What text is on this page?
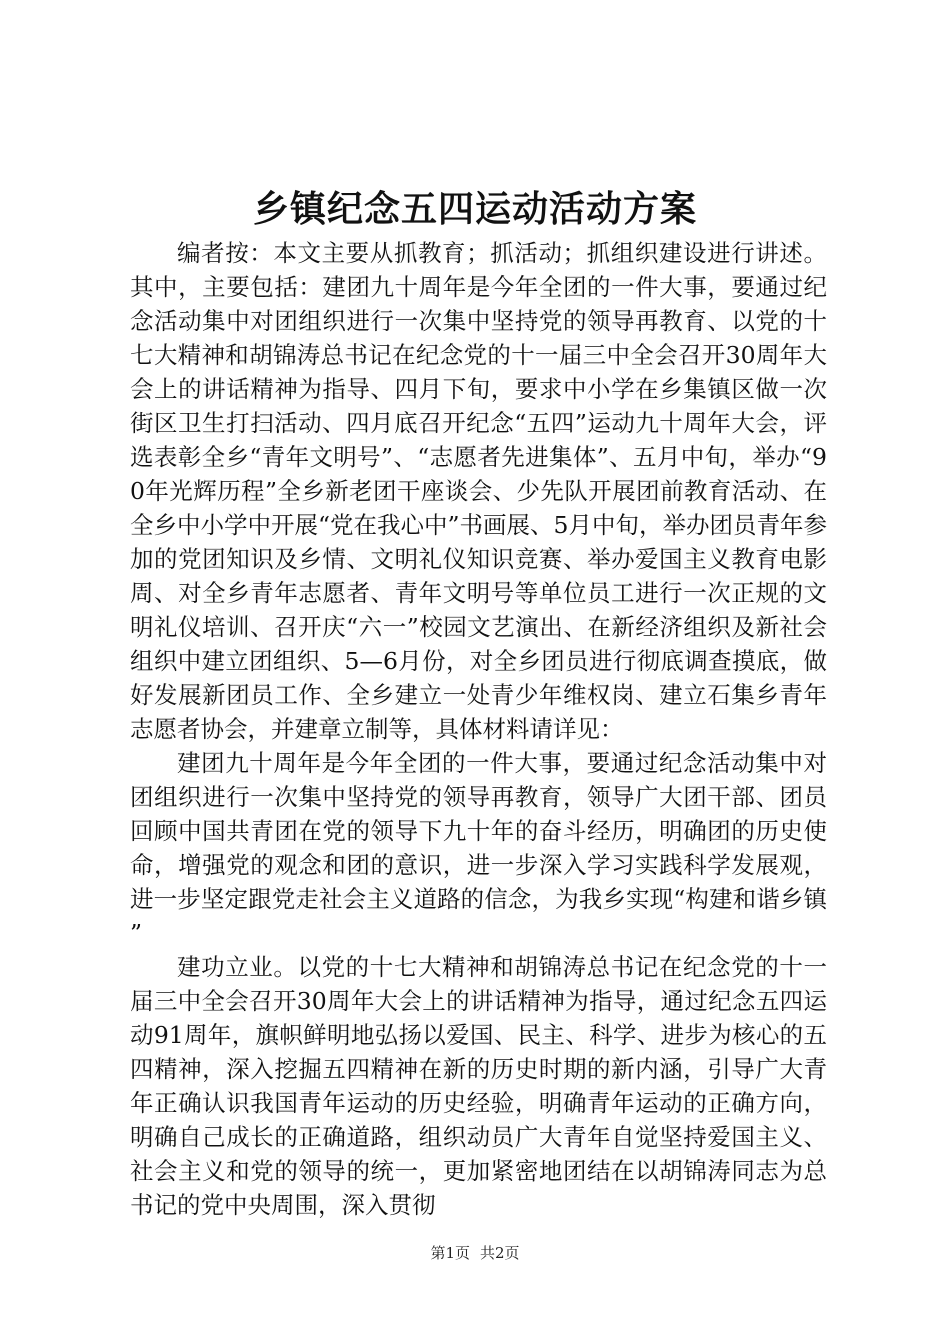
乡镇纪念五四运动活动方案

编者按：本文主要从抓教育；抓活动；抓组织建设进行讲述。其中，主要包括：建团九十周年是今年全团的一件大事，要通过纪念活动集中对团组织进行一次集中坚持党的领导再教育、以党的十七大精神和胡锦涛总书记在纪念党的十一届三中全会召开30周年大会上的讲话精神为指导、四月下旬，要求中小学在乡集镇区做一次街区卫生打扫活动、四月底召开纪念“五四”运动九十周年大会，评选表彰全乡“青年文明号”、“志愿者先进集体”、五月中旬，举办“90年光辉历程”全乡新老团干座谈会、少先队开展团前教育活动、在全乡中小学中开展“党在我心中”书画展、5月中旬，举办团员青年参加的党团知识及乡情、文明礼仪知识竞赛、举办爱国主义教育电影周、对全乡青年志愿者、青年文明号等单位员工进行一次正规的文明礼仪培训、召开庆“六一”校园文艺演出、在新经济组织及新社会组织中建立团组织、5—6月份，对全乡团员进行彻底调查摸底，做好发展新团员工作、全乡建立一处青少年维权岗、建立石集乡青年志愿者协会，并建章立制等，具体材料请详见：

建团九十周年是今年全团的一件大事，要通过纪念活动集中对团组织进行一次集中坚持党的领导再教育，领导广大团干部、团员回顾中国共青团在党的领导下九十年的奋斗经历，明确团的历史使命，增强党的观念和团的意识，进一步深入学习实践科学发展观，进一步坚定跟党走社会主义道路的信念，为我乡实现“构建和谐乡镇”

建功立业。以党的十七大精神和胡锦涛总书记在纪念党的十一届三中全会召开30周年大会上的讲话精神为指导，通过纪念五四运动91周年，旗帜鲜明地弘扬以爱国、民主、科学、进步为核心的五四精神，深入挖掘五四精神在新的历史时期的新内涵，引导广大青年正确认识我国青年运动的历史经验，明确青年运动的正确方向，明确自己成长的正确道路，组织动员广大青年自觉坚持爱国主义、社会主义和党的领导的统一，更加紧密地团结在以胡锦涛同志为总书记的党中央周围，深入贯彻

第1页 共2页
